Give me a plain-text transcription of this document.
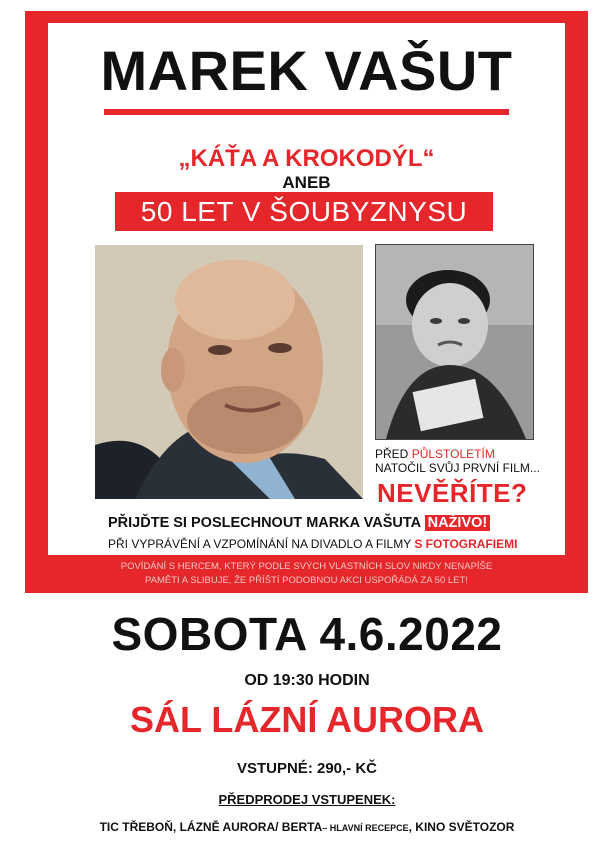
MAREK VAŠUT
„KÁŤA A KROKODÝL“
ANEB
50 LET V ŠOUBYZNYSU
PŘED PŮLSTOLETÍM
NATOČIL SVŮJ PRVNÍ FILM...
NEVĚŘÍTE?
PŘIJĎTE SI POSLECHNOUT MARKA VAŠUTA NAŽIVO!
PŘI VYPRÁVĚNÍ A VZPOMÍNÁNÍ NA DIVADLO A FILMY S FOTOGRAFIEMI
POVÍDÁNÍ S HERCEM, KTERÝ PODLE SVÝCH VLASTNÍCH SLOV NIKDY NENAPÍŠE
PAMĚTI A SLIBUJE, ŽE PŘÍŠTÍ PODOBNOU AKCI USPOŘÁDÁ ZA 50 LET!
SOBOTA 4.6.2022
OD 19:30 HODIN
SÁL LÁZNÍ AURORA
VSTUPNÉ: 290,- KČ
PŘEDPRODEJ VSTUPENEK:
TIC TŘEBOŇ, LÁZNĚ AURORA/ BERTA– HLAVNÍ RECEPCE, KINO SVĚTOZOR
